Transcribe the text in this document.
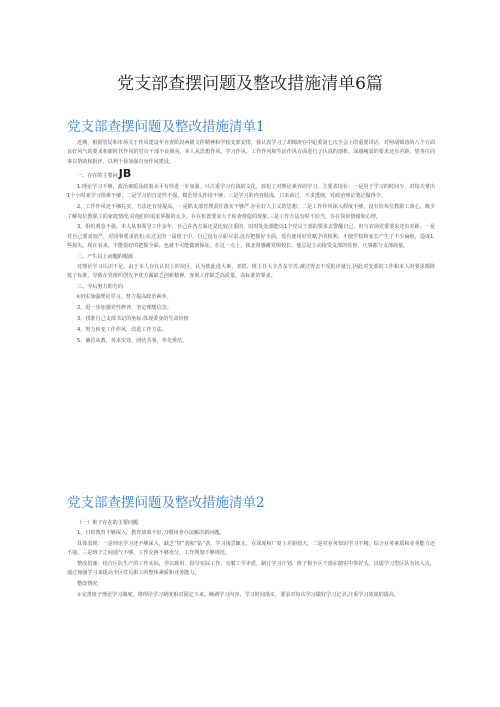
党支部查摆问题及整改措施清单6篇
党支部查摆问题及整改措施清单1

近期，根据管局和市场关于作风建设年自查阶段两级文件精神和学校支部安排，我认真学习了胡锦涛在中纪委第七次全会上的重要讲话。对照胡锦涛的八个方面良好风气的要求和新时代作风的党员干部不良倾向，本人从思想作风、学习作风、工作作风和生活作风方面进行了认真的剖析，深感瘦弱的要求还有差距，望各位同事以帮助和批评，以利于我加强自身作风建设。

一、存在的主要问JB

1.理论学习不够，政治素质及政策水平有待进一步加强。只注重学习有钱的文化，放松了对理论素养的学习。主要表现在：一是用于学习的时间少，对每天拿出1个小时来学习很难不够；二是学习的自觉性不强，模范带头作用不够；三是学习的内容肤浅，只求读过，不求透彻，对政治理论笔记做得少。

2、工作作风还不够扎实，方法还有待提高。一是抓支部管理责任落实不够严,存在好人主义的思想；二是工作作风深入程度不够，没有恰每位教职工谈心，吸少了解每位教职工的家庭情况,对他们的需求掌握的太少。存在布置要求大于检查督促的现象,三是工作方法有时不恰当，存在简单情绪和心理。

3、组织观念不强。本人从事领导工作多年，自己在各方面还是比较注重的，时时处处都能以1个党员干部的要求去警醒自己，但与农场党委要求还有差距。一是对自己要求较严，对同事要求放松;在过去的一届班子中，自己没有尽职尽责,没有把握好全面，没有使用好党赋予的权利，才使学校和家长产生了不少麻烦，造成1.些损失。现在看来，不能很好的把握全面，也就不可能做到保证。在这一点上，我北常感谢党组校长，他总是主动接受支部的监督，凡事都与支部商量。

二、产生以上问题的根源

对理论学习认识不足。由于本人存在认识上的误区，认为彼此进大素，老搭、班主任大辛苦多辛苦,被过得去不受批评就行,因此对支部的工作和本人的要求都降低了标准，导致在党组织创先争优方面缺乏创新精神，客观工作缺乏高质量，高标准的要求。

三、今后努力的方向

k切实加强理论学习，努力提高政治素养。

2、进一步加强党性修养，坚定理想信念。

3、找准自己支部书记的坐标,体现委身的生命价值

4、努力转变工作作风，改进工作方法。

5、廉洁从教，务求实效，团结共事，率先垂范。

党支部查摆问题及整改措施清单2

（一）班子存在的主要问题

1、日常教育不够深入，教育效果不好,习惯用老办法解决新问题。

具体表现：一是理论学习还不够深入，缺乏“挤”劲和“钻”劲，学习浅尝辄止，在深度和广度上差距较大。二是对业务知识学习不精，综合业务素质和业务能力还不强。三是班子之间通气不够，工作交换不够充分，工作规划不够规范。

整改措施：结合区队生产的工作实际，学以致用，指导实际工作，克服工学矛盾，制订学习计划，班子和全区干部在踏实中带好头。以提学习型区队为切入点，通过加强学习来提高全区党员职工的整体素质和业务能力。

整改情况：

①完善班子理论学习制度，将理论学习制度相对固定下来。确剥学习内容、学习时间落实，要求对每次学习做好学习记录,注重学习效果的提高。
